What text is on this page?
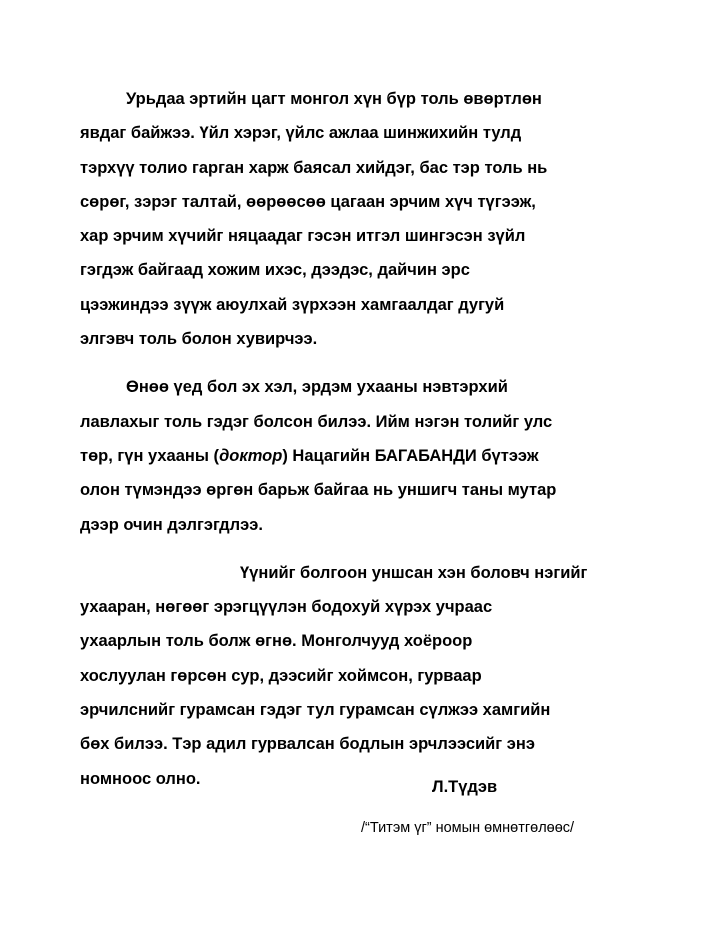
Урьдаа эртийн цагт монгол хүн бүр толь өвөртлөн
явдаг байжээ. Үйл хэрэг, үйлс ажлаа шинжихийн тулд
тэрхүү толио гарган харж баясал хийдэг, бас тэр толь нь
сөрөг, зэрэг талтай, өөрөөсөө цагаан эрчим хүч түгээж,
хар эрчим хүчийг няцаадаг гэсэн итгэл шингэсэн зүйл
гэгдэж байгаад хожим ихэс, дээдэс, дайчин эрс
цээжиндээ зүүж аюулхай зүрхээн хамгаалдаг дугуй
элгэвч толь болон хувирчээ.
Өнөө үед бол эх хэл, эрдэм ухааны нэвтэрхий
лавлахыг толь гэдэг болсон билээ. Ийм нэгэн толийг улс
төр, гүн ухааны (доктор) Нацагийн БАГАБАНДИ бүтээж
олон түмэндээ өргөн барьж байгаа нь уншигч таны мутар
дээр очин дэлгэгдлээ.
Үүнийг болгоон уншсан хэн боловч нэгийг
ухааран, нөгөөг эрэгцүүлэн бодохуй хүрэх учраас
ухаарлын толь болж өгнө. Монголчууд хоёроор
хослуулан гөрсөн сур, дээсийг хоймсон, гурваар
эрчилснийг гурамсан гэдэг тул гурамсан сүлжээ хамгийн
бөх билээ. Тэр адил гурвалсан бодлын эрчлээсийг энэ
номноос олно.	Л.Түдэв
/“Титэм үг” номын өмнөтгөлөөс/
